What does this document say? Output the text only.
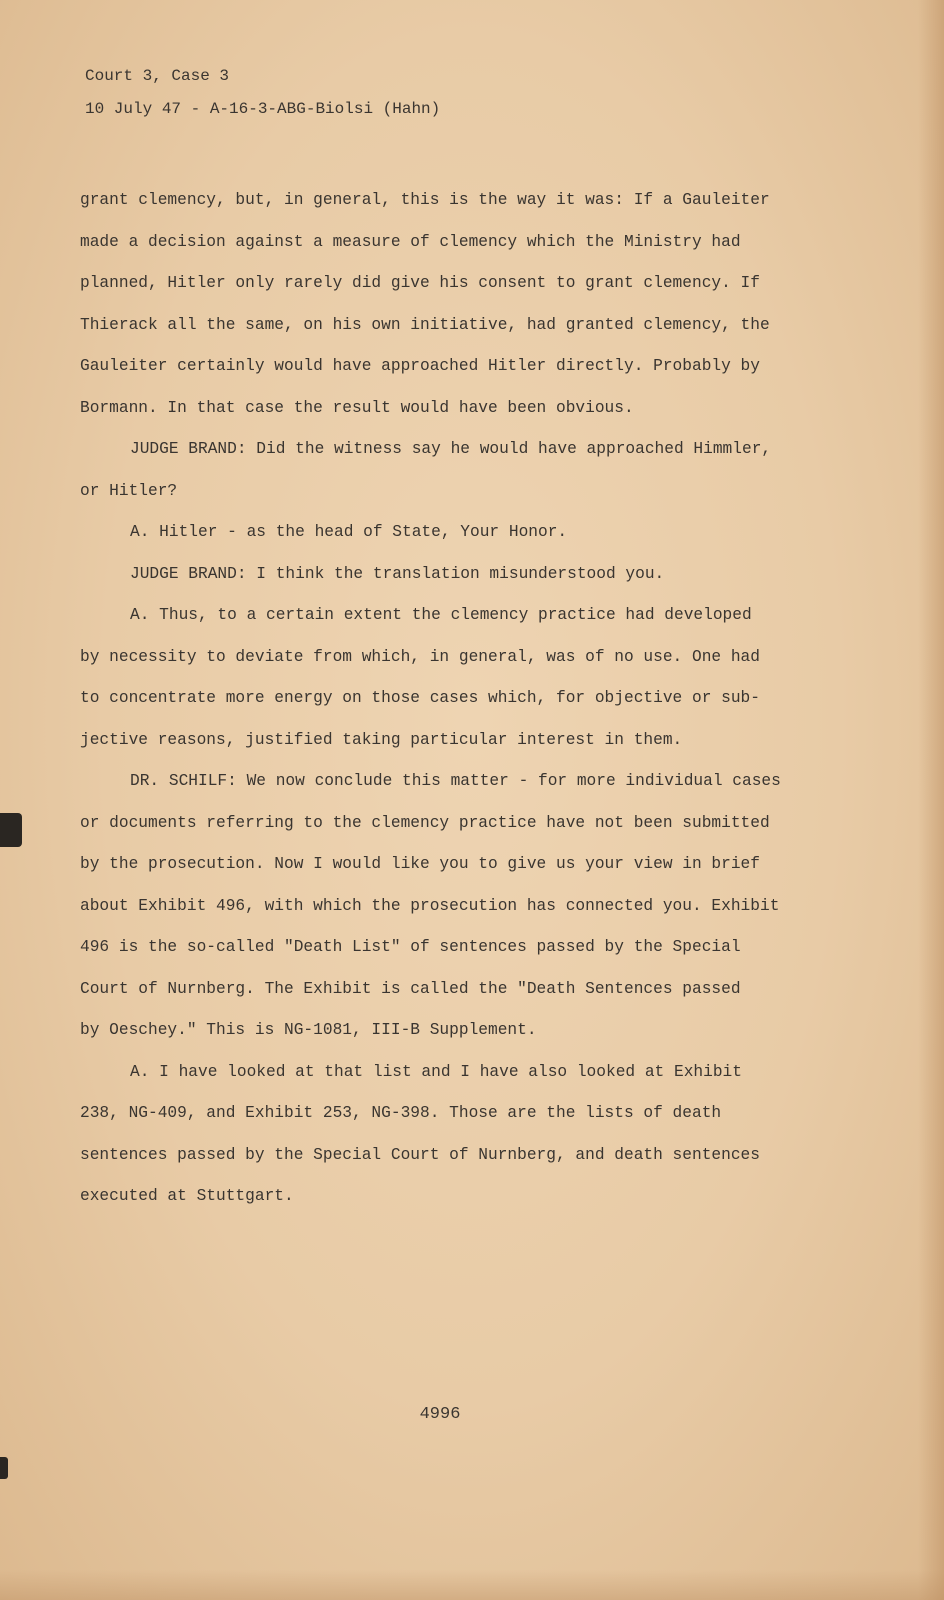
Court 3, Case 3
10 July 47 - A-16-3-ABG-Biolsi (Hahn)
grant clemency, but, in general, this is the way it was: If a Gauleiter
made a decision against a measure of clemency which the Ministry had
planned, Hitler only rarely did give his consent to grant clemency. If
Thierack all the same, on his own initiative, had granted clemency, the
Gauleiter certainly would have approached Hitler directly. Probably by
Bormann. In that case the result would have been obvious.
JUDGE BRAND: Did the witness say he would have approached Himmler,
or Hitler?
A. Hitler - as the head of State, Your Honor.
JUDGE BRAND: I think the translation misunderstood you.
A. Thus, to a certain extent the clemency practice had developed
by necessity to deviate from which, in general, was of no use. One had
to concentrate more energy on those cases which, for objective or sub-
jective reasons, justified taking particular interest in them.
DR. SCHILF: We now conclude this matter - for more individual cases
or documents referring to the clemency practice have not been submitted
by the prosecution. Now I would like you to give us your view in brief
about Exhibit 496, with which the prosecution has connected you. Exhibit
496 is the so-called "Death List" of sentences passed by the Special
Court of Nurnberg. The Exhibit is called the "Death Sentences passed
by Oeschey." This is NG-1081, III-B Supplement.
A. I have looked at that list and I have also looked at Exhibit
238, NG-409, and Exhibit 253, NG-398. Those are the lists of death
sentences passed by the Special Court of Nurnberg, and death sentences
executed at Stuttgart.
4996
